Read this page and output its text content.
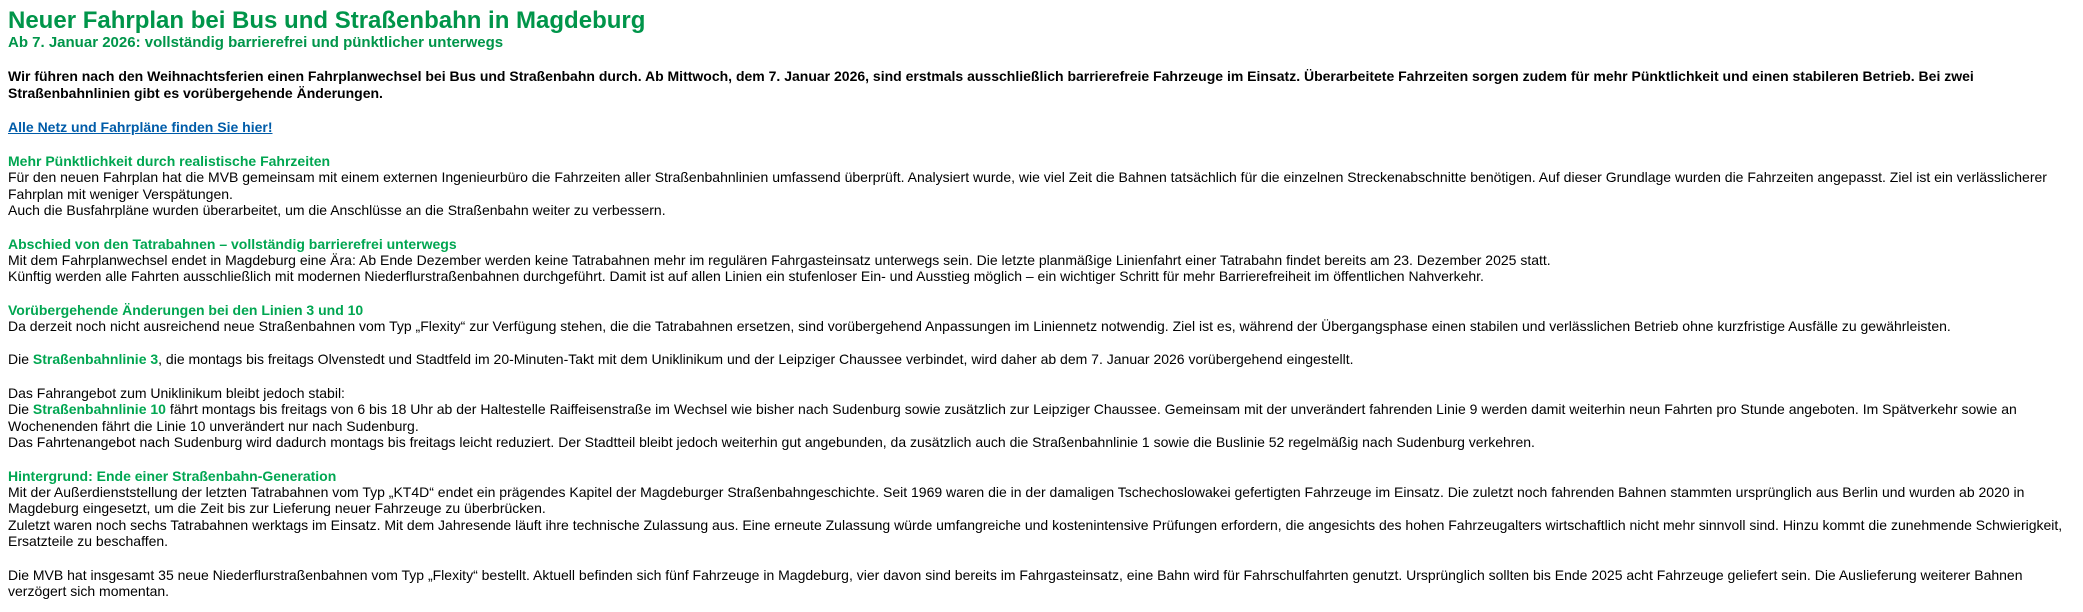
Neuer Fahrplan bei Bus und Straßenbahn in Magdeburg
Ab 7. Januar 2026: vollständig barrierefrei und pünktlicher unterwegs

Wir führen nach den Weihnachtsferien einen Fahrplanwechsel bei Bus und Straßenbahn durch. Ab Mittwoch, dem 7. Januar 2026, sind erstmals ausschließlich barrierefreie Fahrzeuge im Einsatz. Überarbeitete Fahrzeiten sorgen zudem für mehr Pünktlichkeit und einen stabileren Betrieb. Bei zwei Straßenbahnlinien gibt es vorübergehende Änderungen.

Alle Netz und Fahrpläne finden Sie hier!
Mehr Pünktlichkeit durch realistische Fahrzeiten

Für den neuen Fahrplan hat die MVB gemeinsam mit einem externen Ingenieurbüro die Fahrzeiten aller Straßenbahnlinien umfassend überprüft. Analysiert wurde, wie viel Zeit die Bahnen tatsächlich für die einzelnen Streckenabschnitte benötigen. Auf dieser Grundlage wurden die Fahrzeiten angepasst. Ziel ist ein verlässlicherer Fahrplan mit weniger Verspätungen.

Auch die Busfahrpläne wurden überarbeitet, um die Anschlüsse an die Straßenbahn weiter zu verbessern.

Abschied von den Tatrabahnen – vollständig barrierefrei unterwegs

Mit dem Fahrplanwechsel endet in Magdeburg eine Ära: Ab Ende Dezember werden keine Tatrabahnen mehr im regulären Fahrgasteinsatz unterwegs sein. Die letzte planmäßige Linienfahrt einer Tatrabahn findet bereits am 23. Dezember 2025 statt.

Künftig werden alle Fahrten ausschließlich mit modernen Niederflurstraßenbahnen durchgeführt. Damit ist auf allen Linien ein stufenloser Ein- und Ausstieg möglich – ein wichtiger Schritt für mehr Barrierefreiheit im öffentlichen Nahverkehr.

Vorübergehende Änderungen bei den Linien 3 und 10

Da derzeit noch nicht ausreichend neue Straßenbahnen vom Typ „Flexity“ zur Verfügung stehen, die die Tatrabahnen ersetzen, sind vorübergehend Anpassungen im Liniennetz notwendig. Ziel ist es, während der Übergangsphase einen stabilen und verlässlichen Betrieb ohne kurzfristige Ausfälle zu gewährleisten.

Die Straßenbahnlinie 3, die montags bis freitags Olvenstedt und Stadtfeld im 20-Minuten-Takt mit dem Uniklinikum und der Leipziger Chaussee verbindet, wird daher ab dem 7. Januar 2026 vorübergehend eingestellt.

Das Fahrangebot zum Uniklinikum bleibt jedoch stabil:

Die Straßenbahnlinie 10 fährt montags bis freitags von 6 bis 18 Uhr ab der Haltestelle Raiffeisenstraße im Wechsel wie bisher nach Sudenburg sowie zusätzlich zur Leipziger Chaussee. Gemeinsam mit der unverändert fahrenden Linie 9 werden damit weiterhin neun Fahrten pro Stunde angeboten. Im Spätverkehr sowie an Wochenenden fährt die Linie 10 unverändert nur nach Sudenburg.

Das Fahrtenangebot nach Sudenburg wird dadurch montags bis freitags leicht reduziert. Der Stadtteil bleibt jedoch weiterhin gut angebunden, da zusätzlich auch die Straßenbahnlinie 1 sowie die Buslinie 52 regelmäßig nach Sudenburg verkehren.

Hintergrund: Ende einer Straßenbahn-Generation

Mit der Außerdienststellung der letzten Tatrabahnen vom Typ „KT4D“ endet ein prägendes Kapitel der Magdeburger Straßenbahngeschichte. Seit 1969 waren die in der damaligen Tschechoslowakei gefertigten Fahrzeuge im Einsatz. Die zuletzt noch fahrenden Bahnen stammten ursprünglich aus Berlin und wurden ab 2020 in Magdeburg eingesetzt, um die Zeit bis zur Lieferung neuer Fahrzeuge zu überbrücken.

Zuletzt waren noch sechs Tatrabahnen werktags im Einsatz. Mit dem Jahresende läuft ihre technische Zulassung aus. Eine erneute Zulassung würde umfangreiche und kostenintensive Prüfungen erfordern, die angesichts des hohen Fahrzeugalters wirtschaftlich nicht mehr sinnvoll sind. Hinzu kommt die zunehmende Schwierigkeit, Ersatzteile zu beschaffen.

Die MVB hat insgesamt 35 neue Niederflurstraßenbahnen vom Typ „Flexity“ bestellt. Aktuell befinden sich fünf Fahrzeuge in Magdeburg, vier davon sind bereits im Fahrgasteinsatz, eine Bahn wird für Fahrschulfahrten genutzt. Ursprünglich sollten bis Ende 2025 acht Fahrzeuge geliefert sein. Die Auslieferung weiterer Bahnen verzögert sich momentan.
